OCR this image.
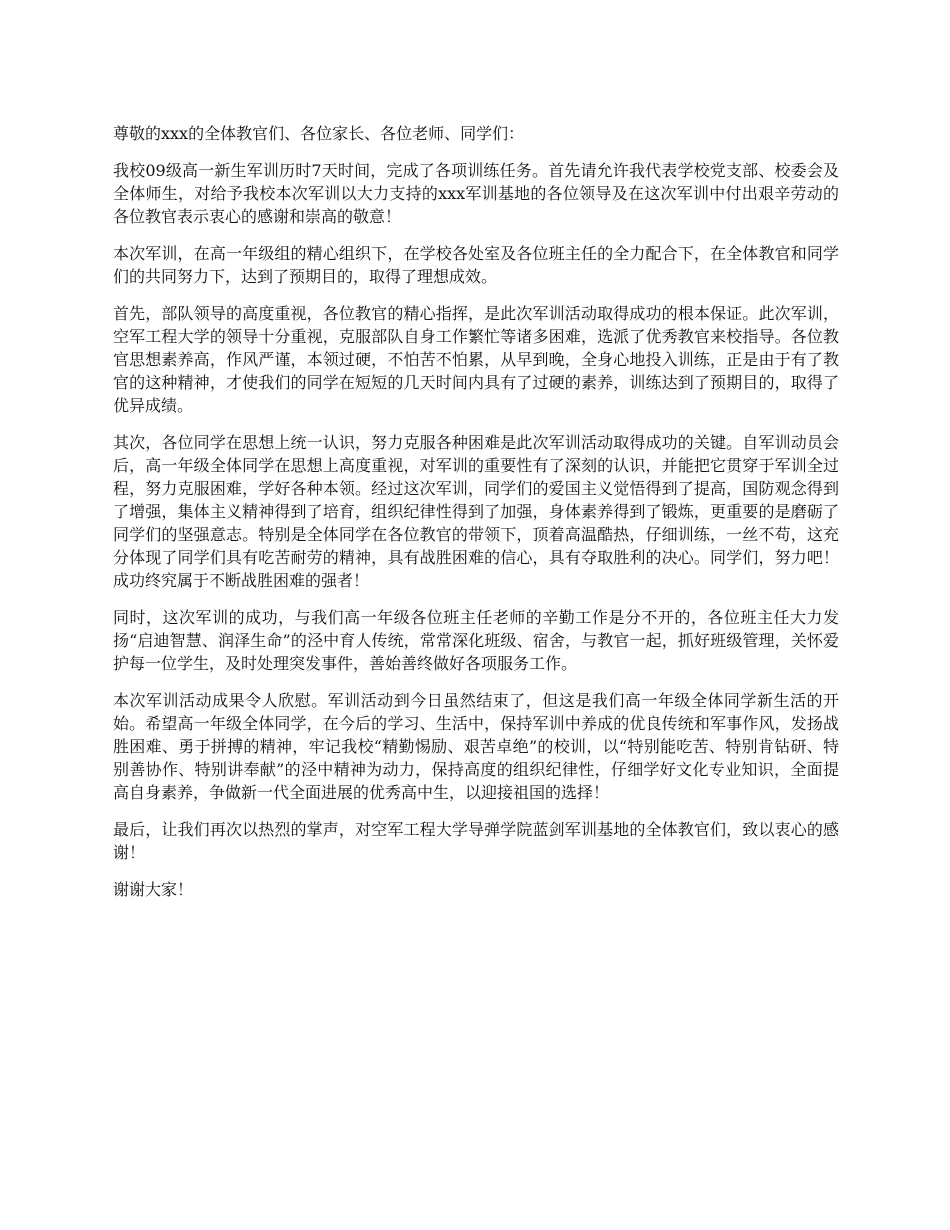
尊敬的xxx的全体教官们、各位家长、各位老师、同学们：

我校09级高一新生军训历时7天时间，完成了各项训练任务。首先请允许我代表学校党支部、校委会及全体师生，对给予我校本次军训以大力支持的xxx军训基地的各位领导及在这次军训中付出艰辛劳动的各位教官表示衷心的感谢和崇高的敬意！

本次军训，在高一年级组的精心组织下，在学校各处室及各位班主任的全力配合下，在全体教官和同学们的共同努力下，达到了预期目的，取得了理想成效。

首先，部队领导的高度重视，各位教官的精心指挥，是此次军训活动取得成功的根本保证。此次军训，空军工程大学的领导十分重视，克服部队自身工作繁忙等诸多困难，选派了优秀教官来校指导。各位教官思想素养高，作风严谨，本领过硬，不怕苦不怕累，从早到晚，全身心地投入训练，正是由于有了教官的这种精神，才使我们的同学在短短的几天时间内具有了过硬的素养，训练达到了预期目的，取得了优异成绩。

其次，各位同学在思想上统一认识，努力克服各种困难是此次军训活动取得成功的关键。自军训动员会后，高一年级全体同学在思想上高度重视，对军训的重要性有了深刻的认识，并能把它贯穿于军训全过程，努力克服困难，学好各种本领。经过这次军训，同学们的爱国主义觉悟得到了提高，国防观念得到了增强，集体主义精神得到了培育，组织纪律性得到了加强，身体素养得到了锻炼，更重要的是磨砺了同学们的坚强意志。特别是全体同学在各位教官的带领下，顶着高温酷热，仔细训练，一丝不苟，这充分体现了同学们具有吃苦耐劳的精神，具有战胜困难的信心，具有夺取胜利的决心。同学们，努力吧！成功终究属于不断战胜困难的强者！

同时，这次军训的成功，与我们高一年级各位班主任老师的辛勤工作是分不开的，各位班主任大力发扬“启迪智慧、润泽生命”的泾中育人传统，常常深化班级、宿舍，与教官一起，抓好班级管理，关怀爱护每一位学生，及时处理突发事件，善始善终做好各项服务工作。

本次军训活动成果令人欣慰。军训活动到今日虽然结束了，但这是我们高一年级全体同学新生活的开始。希望高一年级全体同学，在今后的学习、生活中，保持军训中养成的优良传统和军事作风，发扬战胜困难、勇于拼搏的精神，牢记我校“精勤惕励、艰苦卓绝”的校训，以“特别能吃苦、特别肯钻研、特别善协作、特别讲奉献”的泾中精神为动力，保持高度的组织纪律性，仔细学好文化专业知识，全面提高自身素养，争做新一代全面进展的优秀高中生，以迎接祖国的选择！

最后，让我们再次以热烈的掌声，对空军工程大学导弹学院蓝剑军训基地的全体教官们，致以衷心的感谢！

谢谢大家！
